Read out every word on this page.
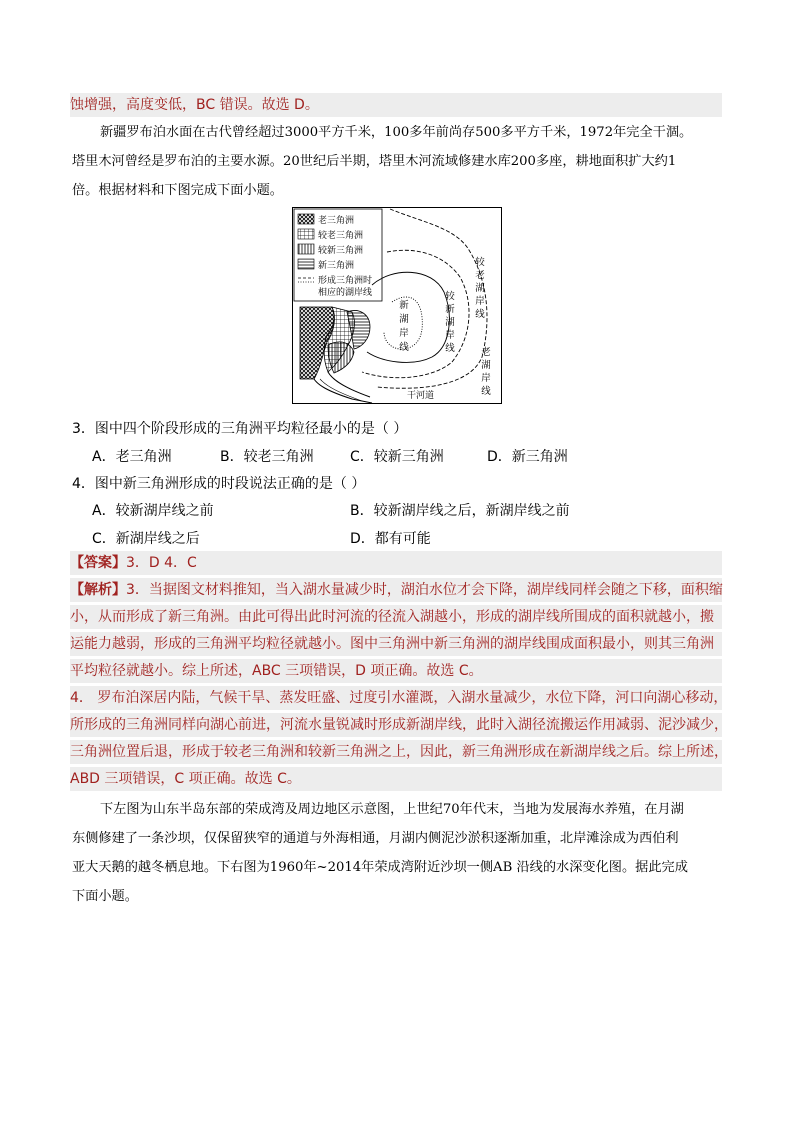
蚀增强，高度变低，BC 错误。故选 D。
新疆罗布泊水面在古代曾经超过3000平方千米，100多年前尚存500多平方千米，1972年完全干涸。
塔里木河曾经是罗布泊的主要水源。20世纪后半期，塔里木河流域修建水库200多座，耕地面积扩大约1
倍。根据材料和下图完成下面小题。
老三角洲
较老三角洲
较新三角洲
新三角洲
形成三角洲时
相应的湖岸线
干河道
较
老
湖
岸
线
较
新
湖
岸
线
新
湖
岸
线	老
湖
岸
线
3．图中四个阶段形成的三角洲平均粒径最小的是（ ）
A．老三角洲	B．较老三角洲	C．较新三角洲	D．新三角洲
4．图中新三角洲形成的时段说法正确的是（ ）
A．较新湖岸线之前	B．较新湖岸线之后，新湖岸线之前
C．新湖岸线之后	D．都有可能
【答案】3．D 4．C
【解析】3．当据图文材料推知，当入湖水量减少时，湖泊水位才会下降，湖岸线同样会随之下移，面积缩
小，从而形成了新三角洲。由此可得出此时河流的径流入湖越小，形成的湖岸线所围成的面积就越小，搬
运能力越弱，形成的三角洲平均粒径就越小。图中三角洲中新三角洲的湖岸线围成面积最小，则其三角洲
平均粒径就越小。综上所述，ABC 三项错误，D 项正确。故选 C。
4． 罗布泊深居内陆，气候干旱、蒸发旺盛、过度引水灌溉，入湖水量减少，水位下降，河口向湖心移动，
所形成的三角洲同样向湖心前进，河流水量锐减时形成新湖岸线，此时入湖径流搬运作用减弱、泥沙减少，
三角洲位置后退，形成于较老三角洲和较新三角洲之上，因此，新三角洲形成在新湖岸线之后。综上所述，
ABD 三项错误，C 项正确。故选 C。
下左图为山东半岛东部的荣成湾及周边地区示意图，上世纪70年代末，当地为发展海水养殖，在月湖
东侧修建了一条沙坝，仅保留狭窄的通道与外海相通，月湖内侧泥沙淤积逐渐加重，北岸滩涂成为西伯利
亚大天鹅的越冬栖息地。下右图为1960年~2014年荣成湾附近沙坝一侧AB 沿线的水深变化图。据此完成
下面小题。
